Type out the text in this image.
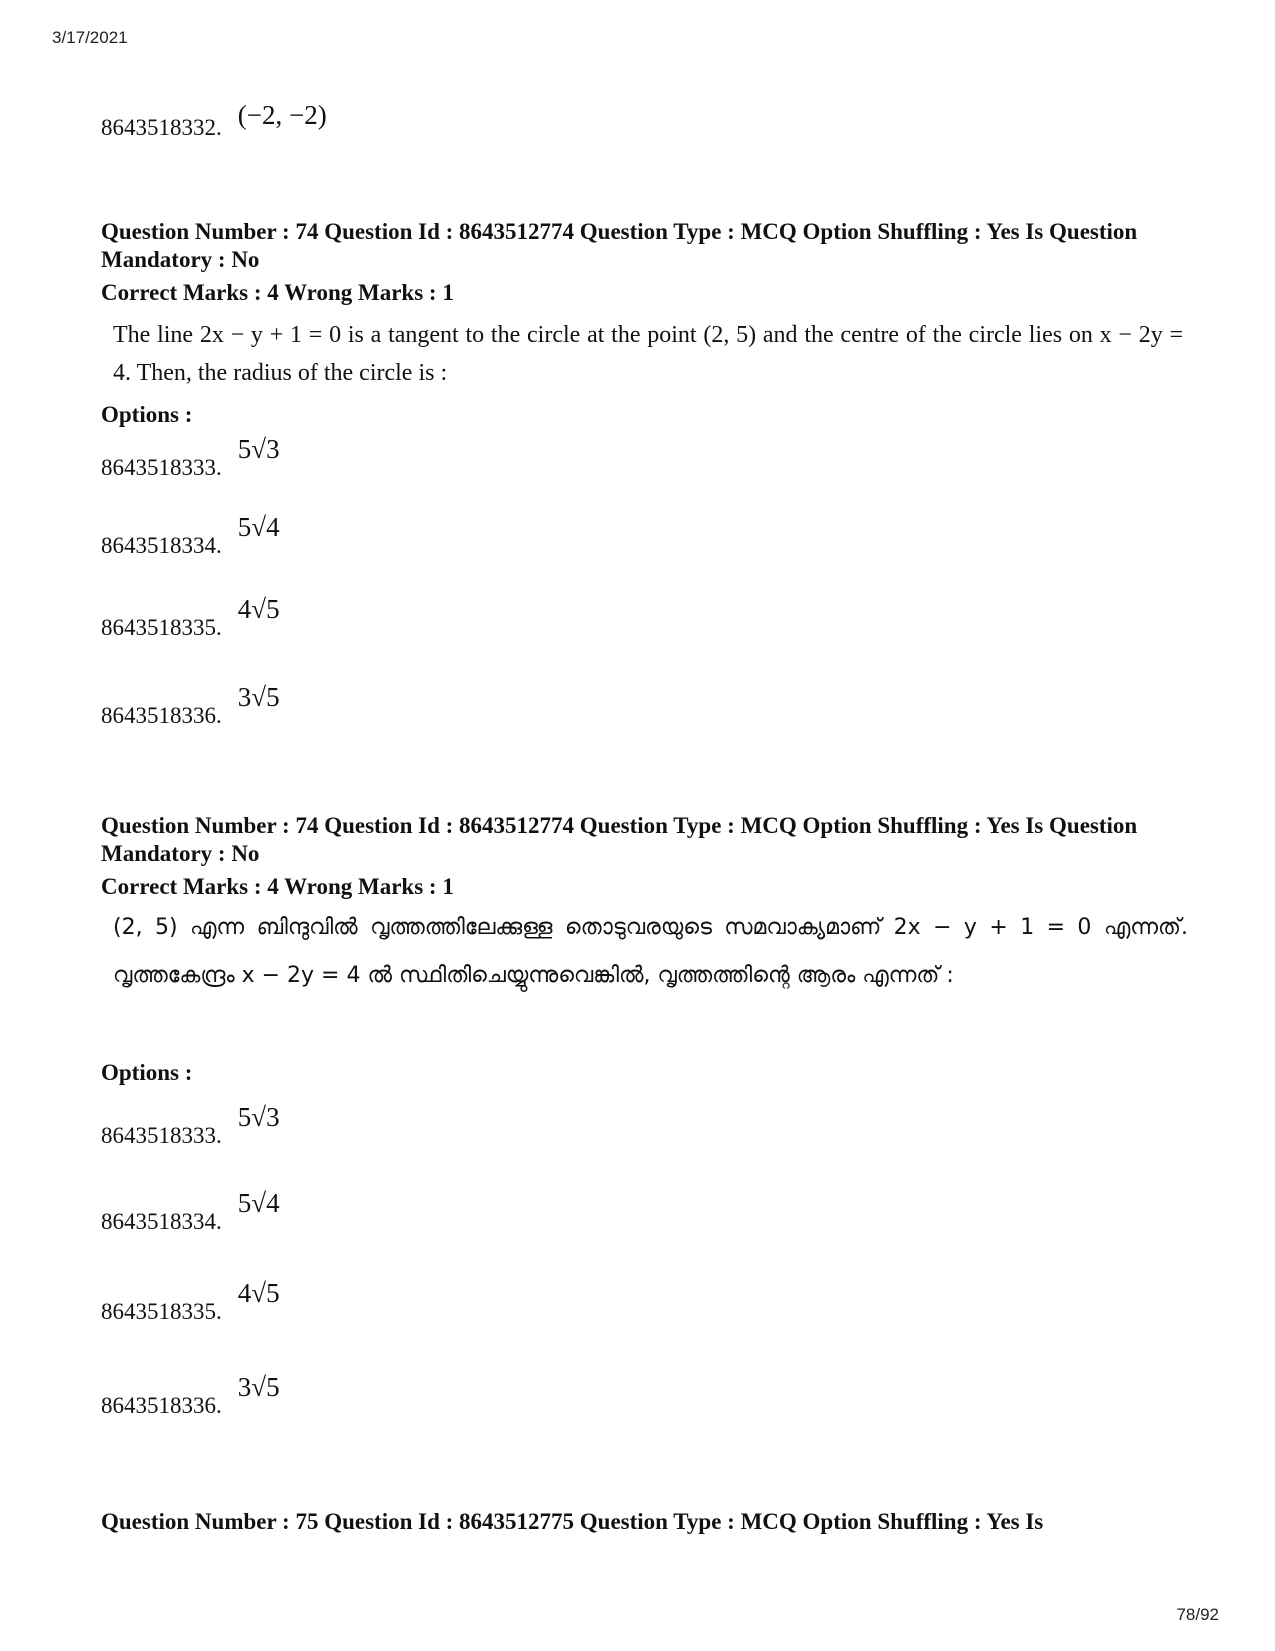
3/17/2021
8643518332. (−2, −2)
Question Number : 74 Question Id : 8643512774 Question Type : MCQ Option Shuffling : Yes Is Question Mandatory : No
Correct Marks : 4 Wrong Marks : 1
The line 2x − y + 1 = 0 is a tangent to the circle at the point (2, 5) and the centre of the circle lies on x − 2y = 4. Then, the radius of the circle is :
Options :
8643518333.
5√3
8643518334.
5√4
8643518335.
4√5
8643518336.
3√5
Question Number : 74 Question Id : 8643512774 Question Type : MCQ Option Shuffling : Yes Is Question Mandatory : No
Correct Marks : 4 Wrong Marks : 1
(2, 5) എന്ന ബിന്ദുവിൽ വൃത്തത്തിലേക്കുള്ള തൊടുവരയുടെ സമവാക്യമാണ് 2x − y + 1 = 0 എന്നത്. വൃത്തകേന്ദ്രം x − 2y = 4 ൽ സ്ഥിതിചെയ്യുന്നുവെങ്കിൽ, വൃത്തത്തിന്റെ ആരം എന്നത് :
Options :
8643518333.
5√3
8643518334.
5√4
8643518335.
4√5
8643518336.
3√5
Question Number : 75 Question Id : 8643512775 Question Type : MCQ Option Shuffling : Yes Is
78/92
